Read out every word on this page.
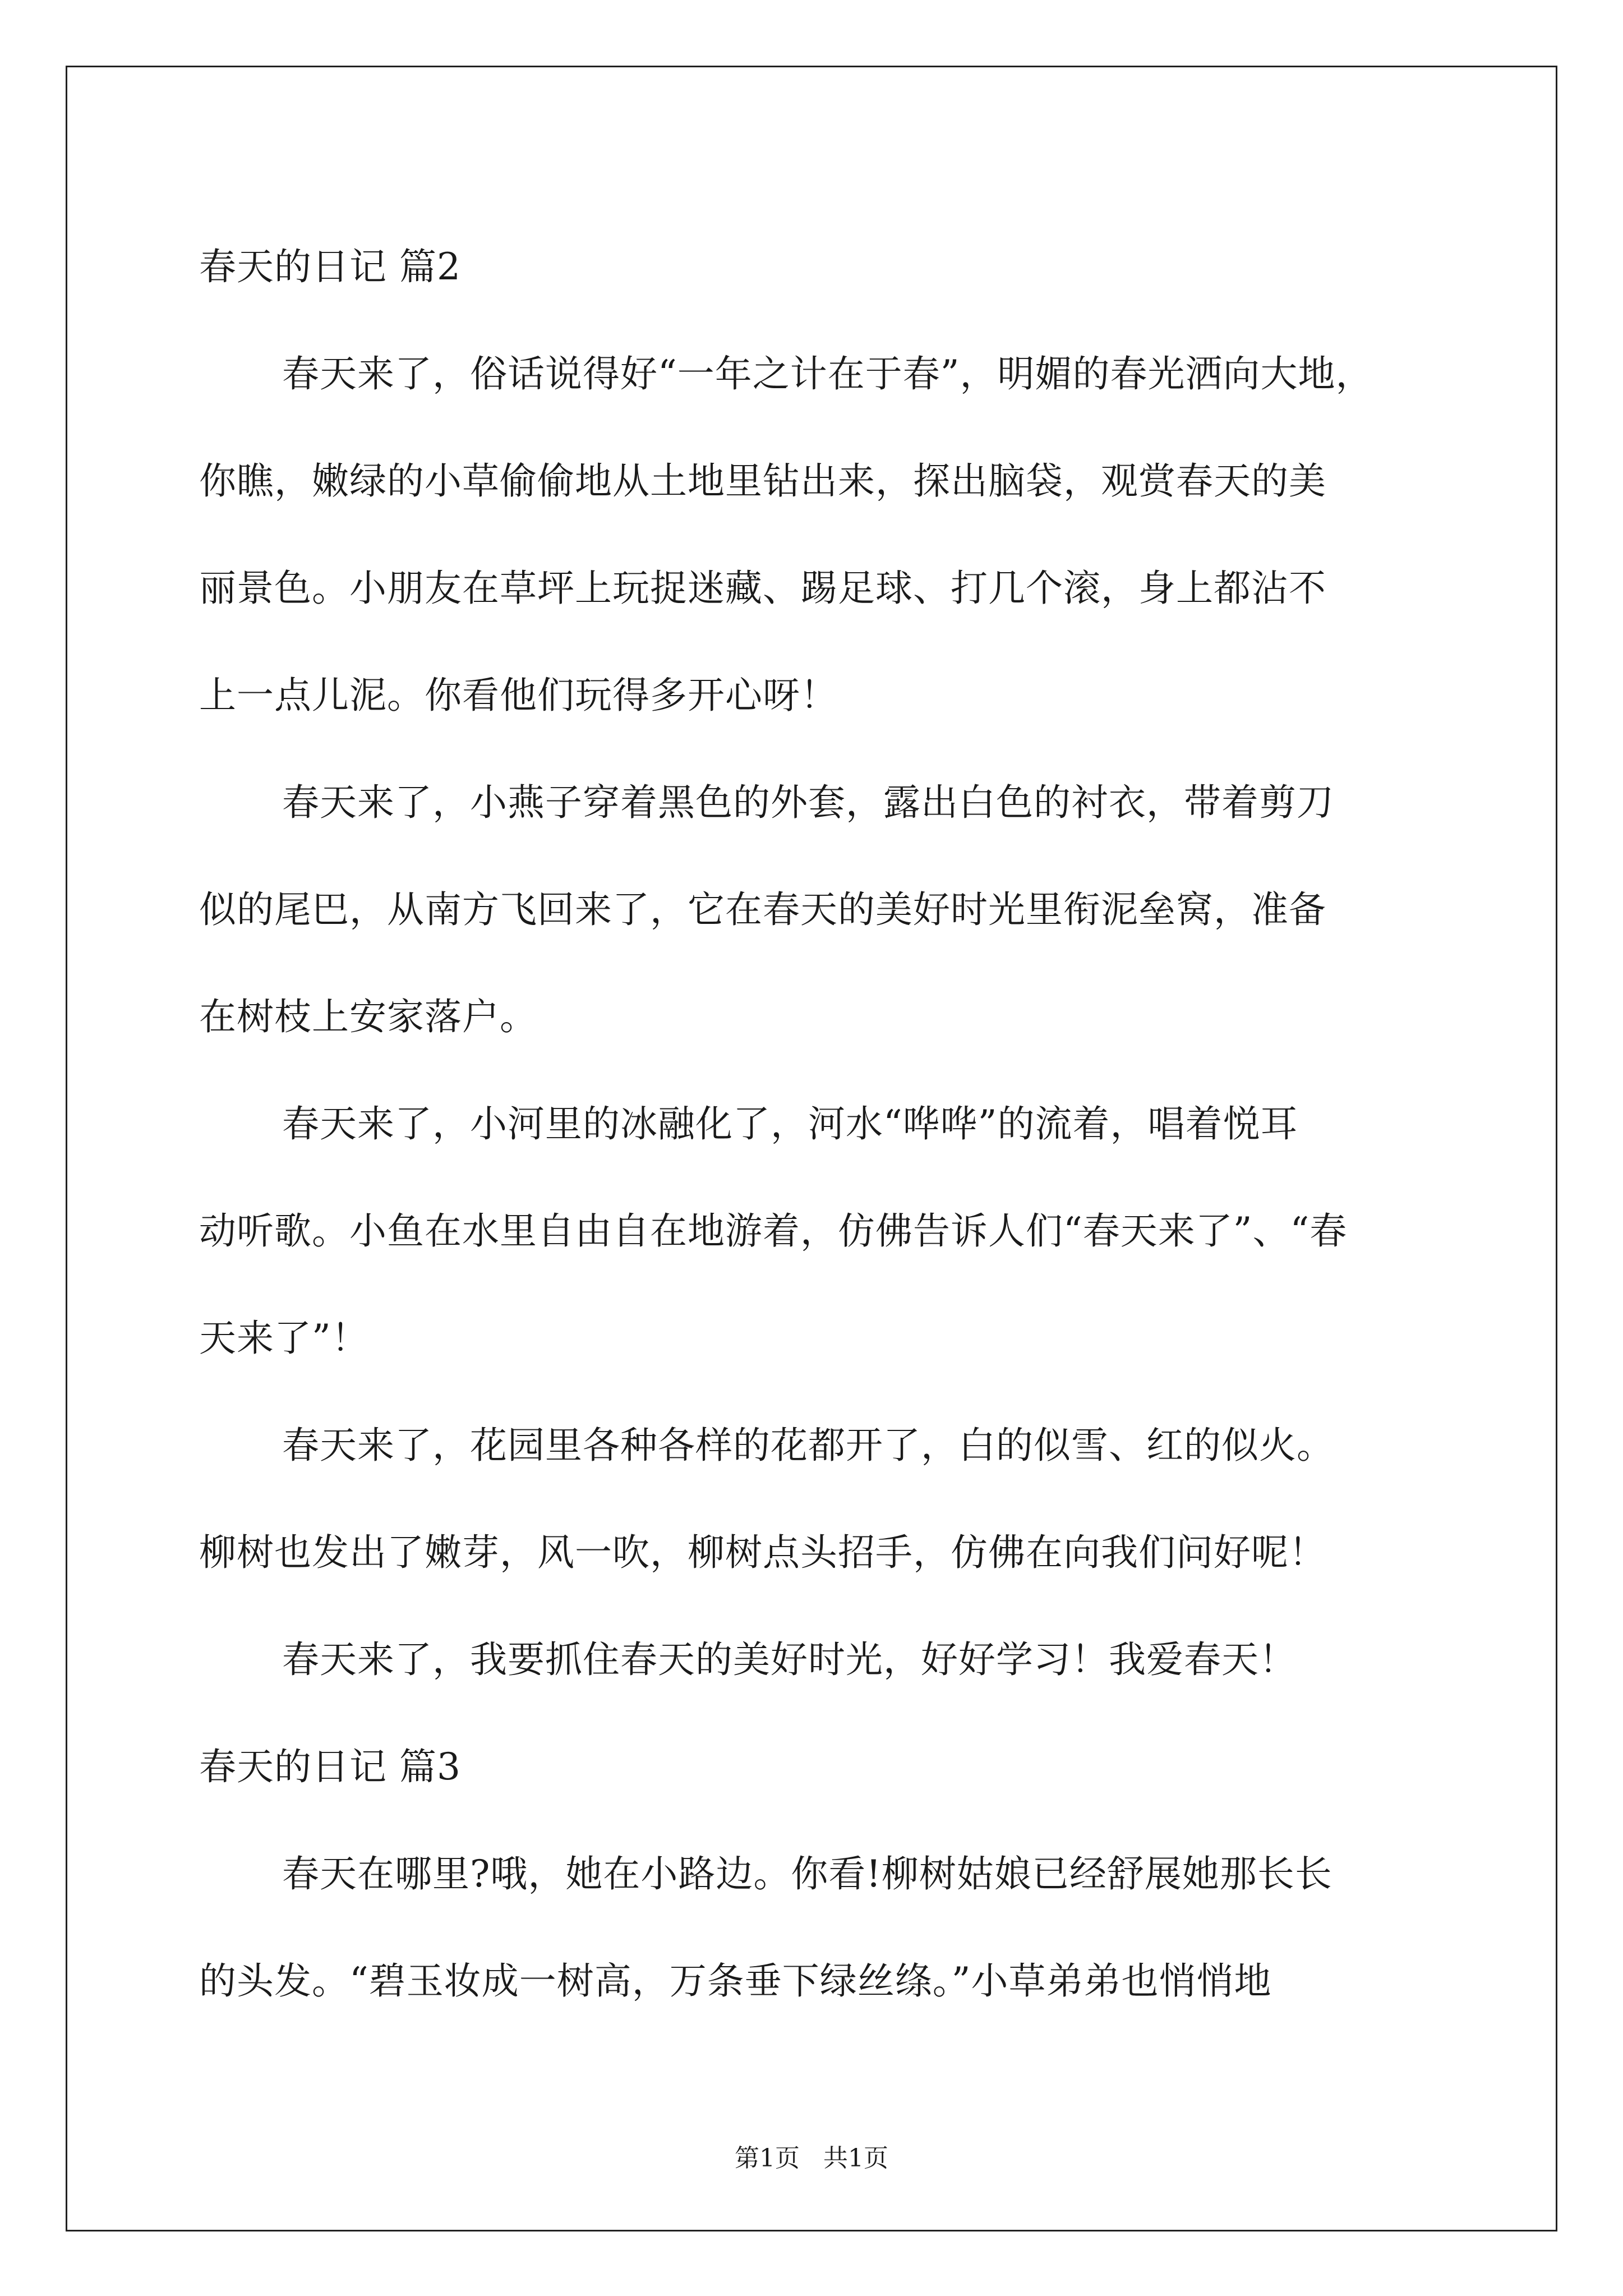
春天的日记 篇2
春天来了，俗话说得好“一年之计在于春”，明媚的春光洒向大地，
你瞧，嫩绿的小草偷偷地从土地里钻出来，探出脑袋，观赏春天的美
丽景色。小朋友在草坪上玩捉迷藏、踢足球、打几个滚，身上都沾不
上一点儿泥。你看他们玩得多开心呀！
春天来了，小燕子穿着黑色的外套，露出白色的衬衣，带着剪刀
似的尾巴，从南方飞回来了，它在春天的美好时光里衔泥垒窝，准备
在树枝上安家落户。
春天来了，小河里的冰融化了，河水“哗哗”的流着，唱着悦耳
动听歌。小鱼在水里自由自在地游着，仿佛告诉人们“春天来了”、“春
天来了”！
春天来了，花园里各种各样的花都开了，白的似雪、红的似火。
柳树也发出了嫩芽，风一吹，柳树点头招手，仿佛在向我们问好呢！
春天来了，我要抓住春天的美好时光，好好学习！我爱春天！
春天的日记 篇3
春天在哪里?哦，她在小路边。你看!柳树姑娘已经舒展她那长长
的头发。“碧玉妆成一树高，万条垂下绿丝绦。”小草弟弟也悄悄地
第1页 共1页
